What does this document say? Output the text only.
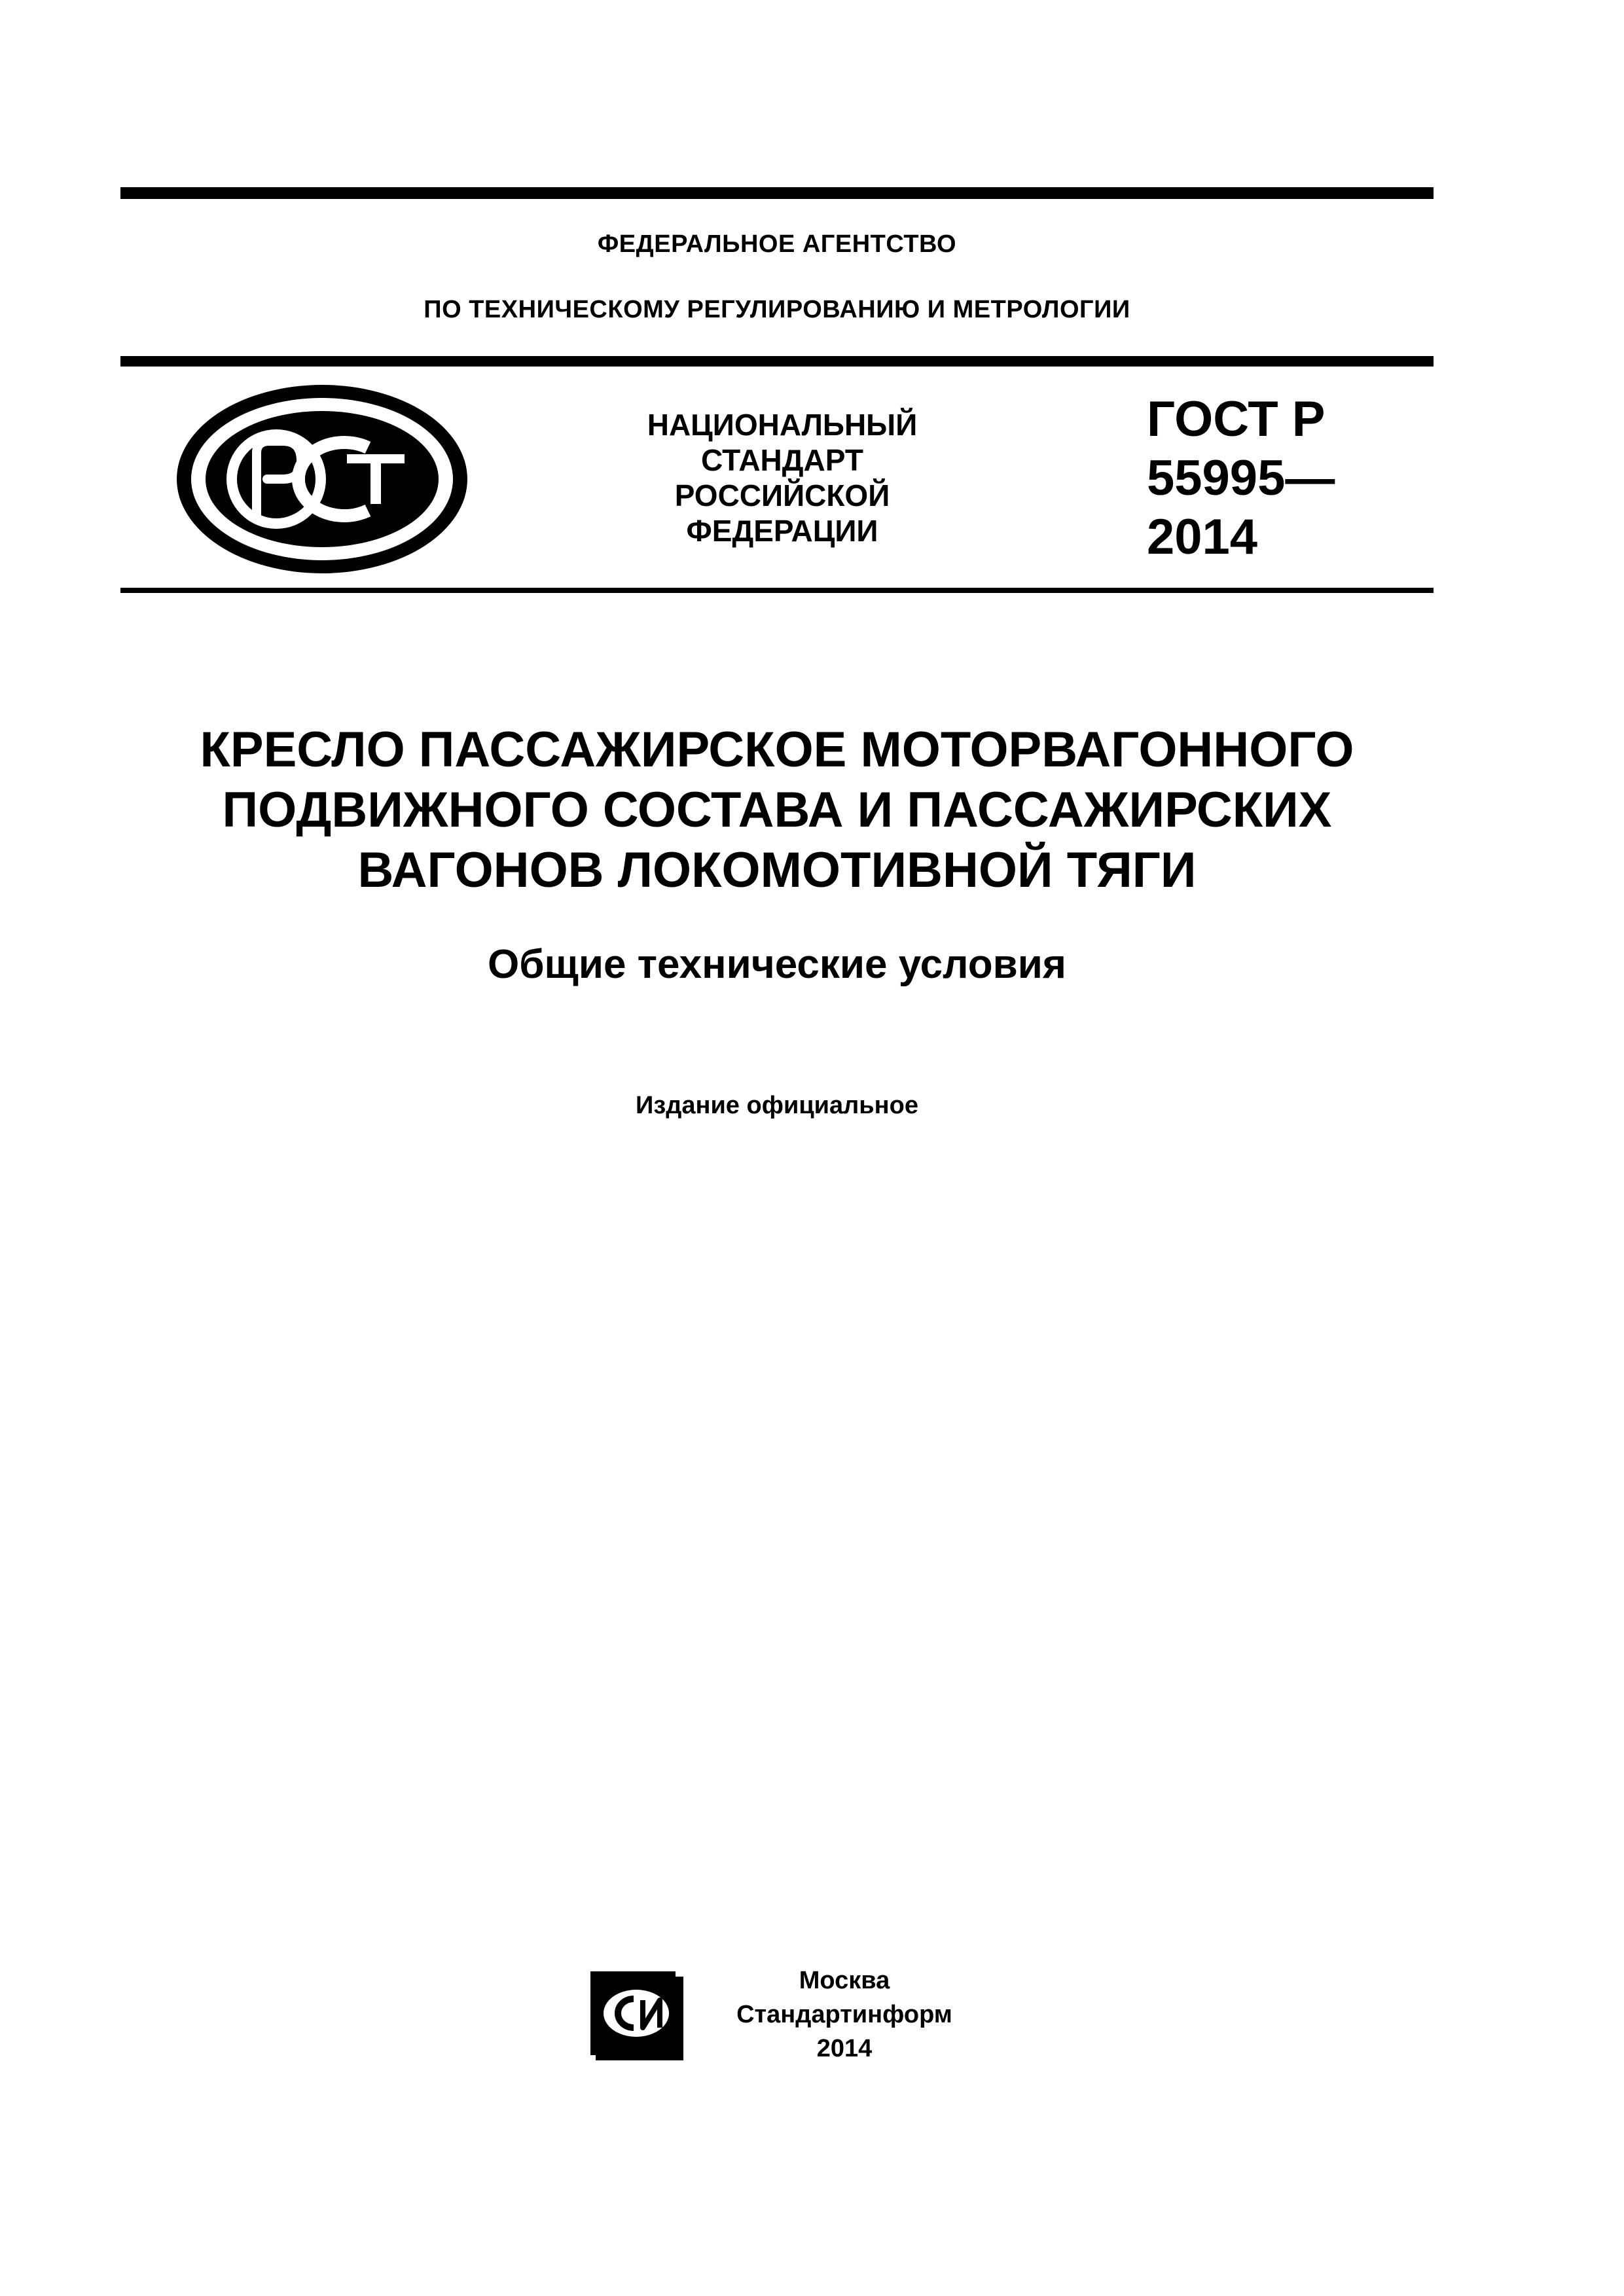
ФЕДЕРАЛЬНОЕ АГЕНТСТВО
ПО ТЕХНИЧЕСКОМУ РЕГУЛИРОВАНИЮ И МЕТРОЛОГИИ
НАЦИОНАЛЬНЫЙ
СТАНДАРТ
РОССИЙСКОЙ
ФЕДЕРАЦИИ
ГОСТ Р
55995—
2014
КРЕСЛО ПАССАЖИРСКОЕ МОТОРВАГОННОГО
ПОДВИЖНОГО СОСТАВА И ПАССАЖИРСКИХ
ВАГОНОВ ЛОКОМОТИВНОЙ ТЯГИ
Общие технические условия
Издание официальное
Москва
Стандартинформ
2014
